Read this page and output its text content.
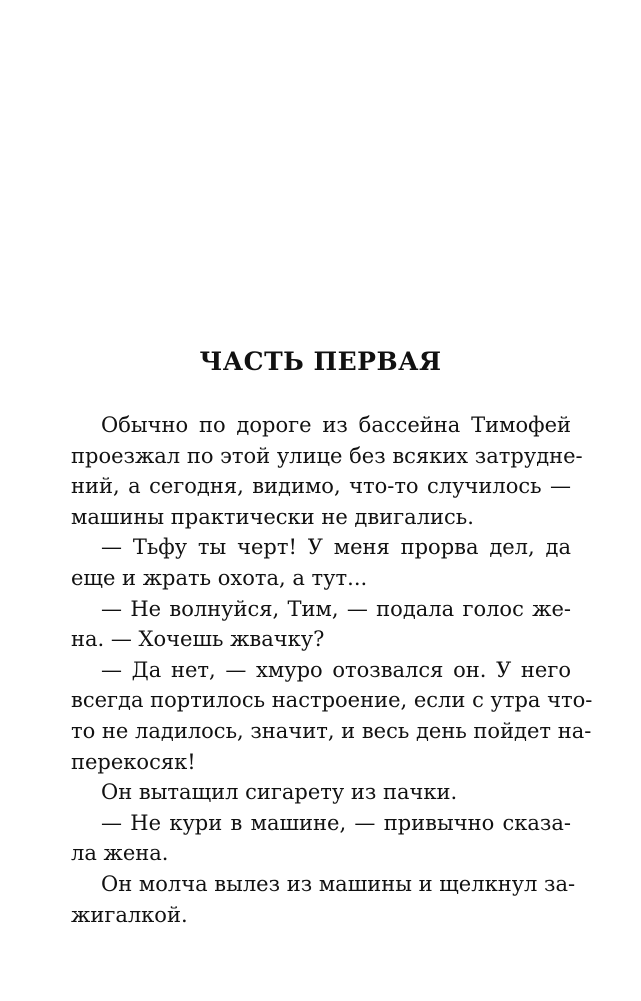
ЧАСТЬ ПЕРВАЯ
Обычно по дороге из бассейна Тимофей
проезжал по этой улице без всяких затрудне-
ний, а сегодня, видимо, что-то случилось —
машины практически не двигались.
— Тьфу ты черт! У меня прорва дел, да
еще и жрать охота, а тут...
— Не волнуйся, Тим, — подала голос же-
на. — Хочешь жвачку?
— Да нет, — хмуро отозвался он. У него
всегда портилось настроение, если с утра что-
то не ладилось, значит, и весь день пойдет на-
перекосяк!
Он вытащил сигарету из пачки.
— Не кури в машине, — привычно сказа-
ла жена.
Он молча вылез из машины и щелкнул за-
жигалкой.
